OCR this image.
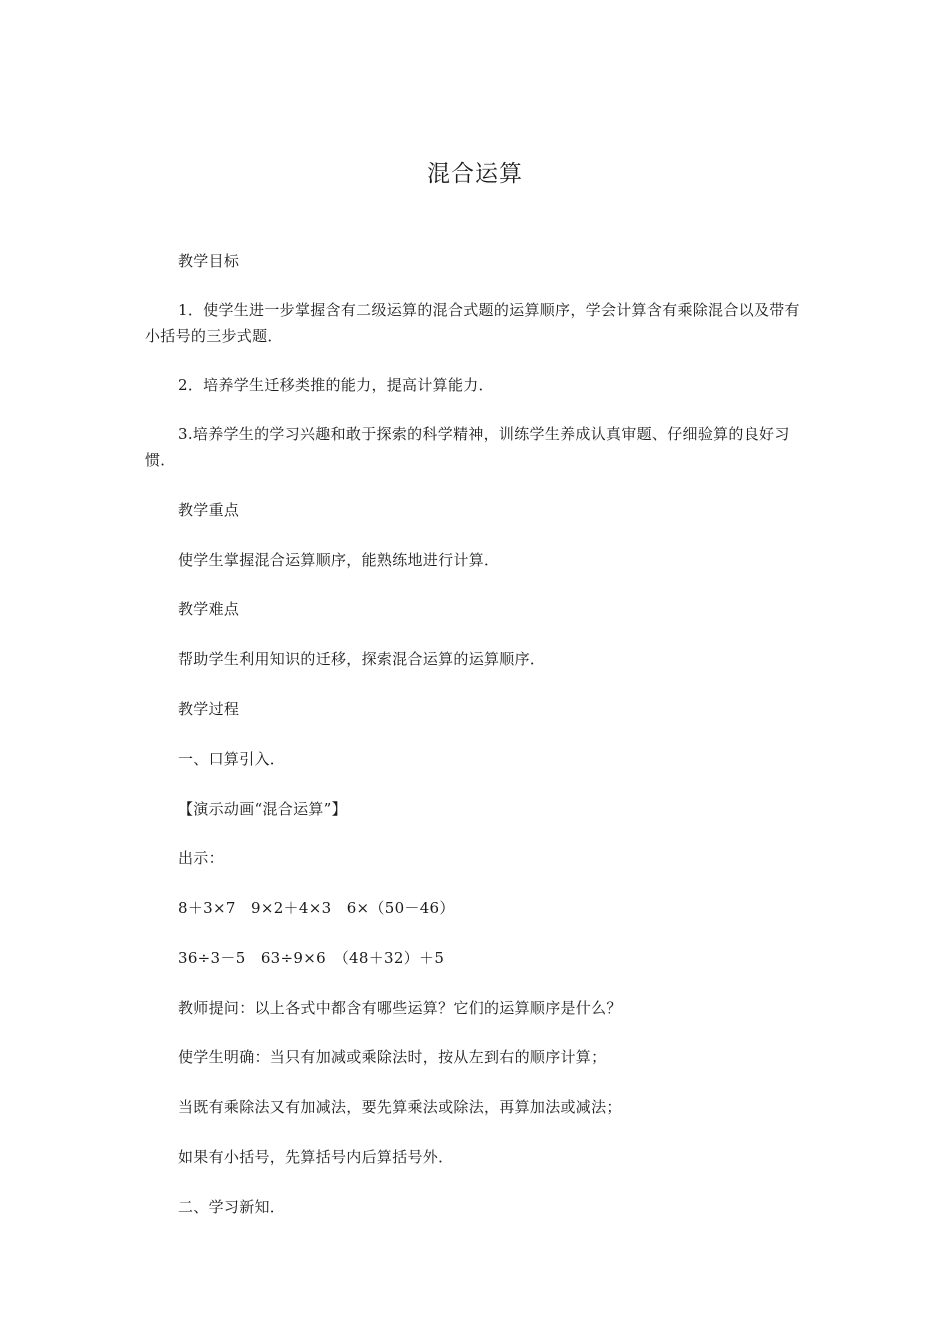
混合运算
教学目标
1．使学生进一步掌握含有二级运算的混合式题的运算顺序，学会计算含有乘除混合以及带有小括号的三步式题．
2．培养学生迁移类推的能力，提高计算能力．
3.培养学生的学习兴趣和敢于探索的科学精神，训练学生养成认真审题、仔细验算的良好习惯．
教学重点
使学生掌握混合运算顺序，能熟练地进行计算．
教学难点
帮助学生利用知识的迁移，探索混合运算的运算顺序．
教学过程
一、口算引入．
【演示动画“混合运算”】
出示：
8＋3×7　9×2＋4×3　6×（50－46）
36÷3－5　63÷9×6　（48＋32）＋5
教师提问：以上各式中都含有哪些运算？它们的运算顺序是什么？
使学生明确：当只有加减或乘除法时，按从左到右的顺序计算；
当既有乘除法又有加减法，要先算乘法或除法，再算加法或减法；
如果有小括号，先算括号内后算括号外．
二、学习新知．
